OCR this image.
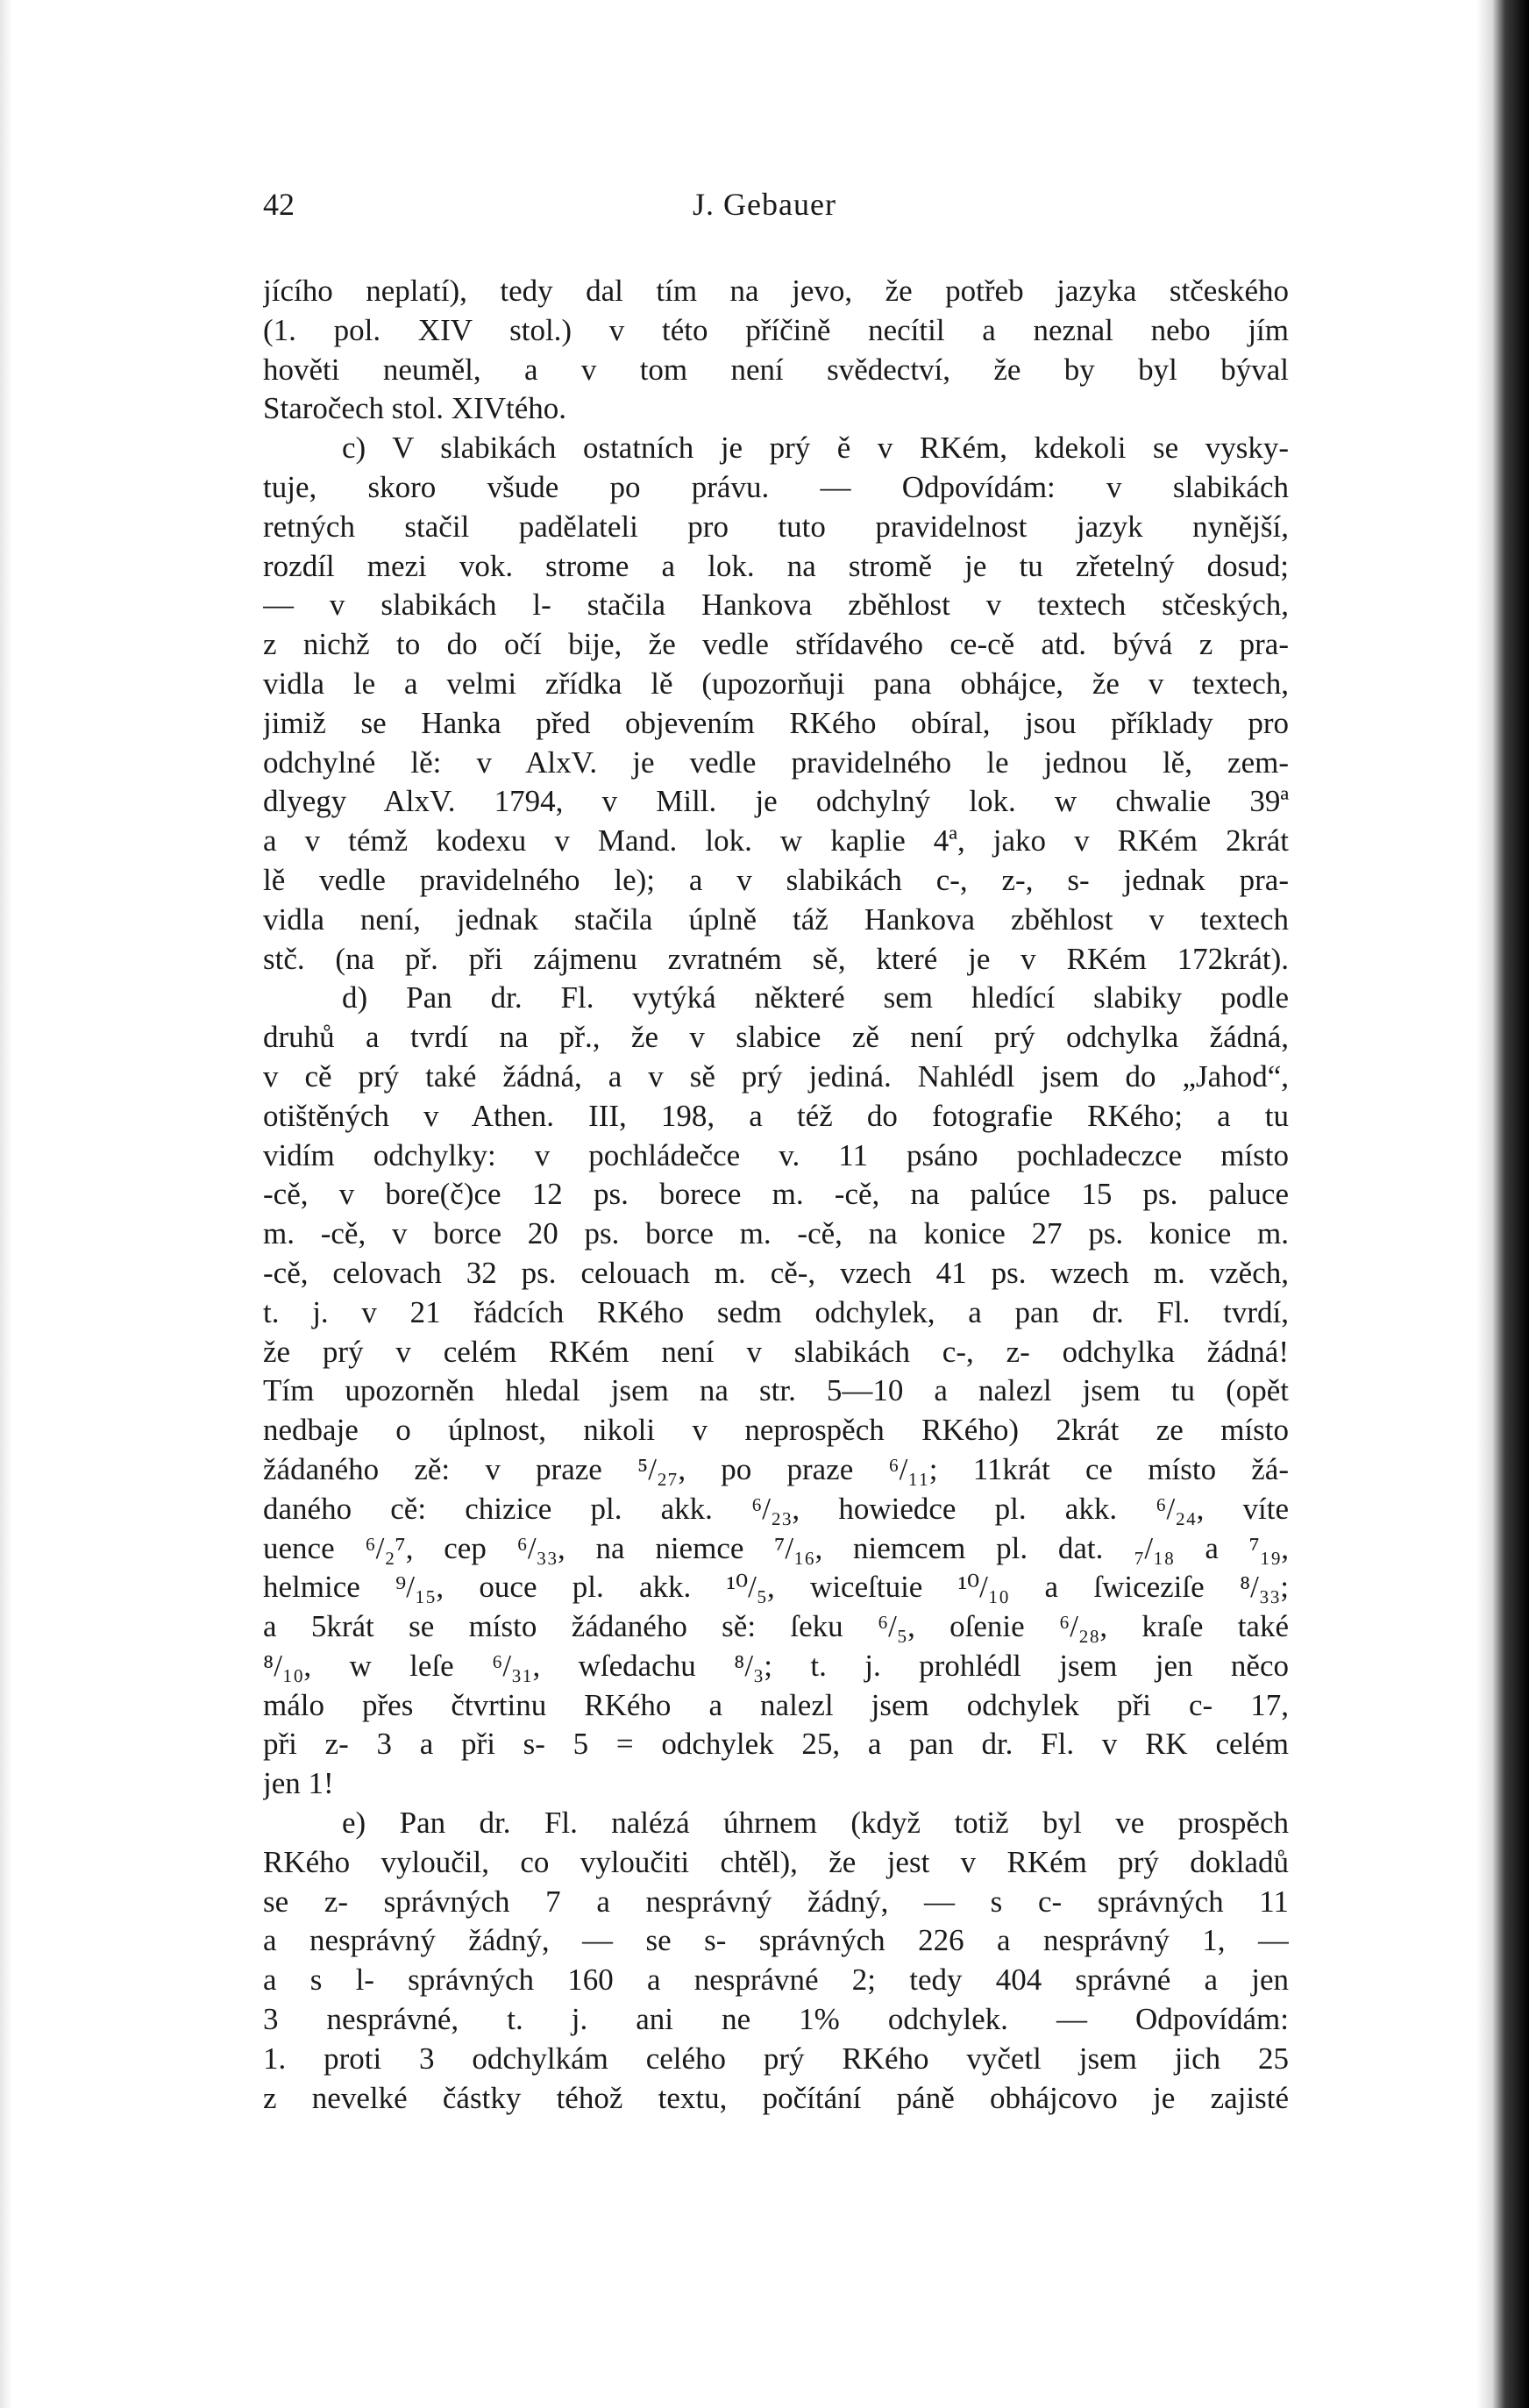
42	J. Gebauer
jícího neplatí), tedy dal tím na jevo, že potřeb jazyka stčeského
(1. pol. XIV stol.) v této příčině necítil a neznal nebo jím
hověti neuměl, a v tom není svědectví, že by byl býval
Staročech stol. XIVtého.
c) V slabikách ostatních je prý ě v RKém, kdekoli se vysky-
tuje, skoro všude po právu. — Odpovídám: v slabikách
retných stačil padělateli pro tuto pravidelnost jazyk nynější,
rozdíl mezi vok. strome a lok. na stromě je tu zřetelný dosud;
— v slabikách l- stačila Hankova zběhlost v textech stčeských,
z nichž to do očí bije, že vedle střídavého ce-cě atd. bývá z pra-
vidla le a velmi zřídka lě (upozorňuji pana obhájce, že v textech,
jimiž se Hanka před objevením RKého obíral, jsou příklady pro
odchylné lě: v AlxV. je vedle pravidelného le jednou lě, zem-
dlyegy AlxV. 1794, v Mill. je odchylný lok. w chwalie 39ª
a v témž kodexu v Mand. lok. w kaplie 4ª, jako v RKém 2krát
lě vedle pravidelného le); a v slabikách c-, z-, s- jednak pra-
vidla není, jednak stačila úplně táž Hankova zběhlost v textech
stč. (na př. při zájmenu zvratném sě, které je v RKém 172krát).
d) Pan dr. Fl. vytýká některé sem hledící slabiky podle
druhů a tvrdí na př., že v slabice zě není prý odchylka žádná,
v cě prý také žádná, a v sě prý jediná. Nahlédl jsem do „Jahod“,
otištěných v Athen. III, 198, a též do fotografie RKého; a tu
vidím odchylky: v pochládečce v. 11 psáno pochladeczce místo
-cě, v bore(č)ce 12 ps. borece m. -cě, na palúce 15 ps. paluce
m. -cě, v borce 20 ps. borce m. -cě, na konice 27 ps. konice m.
-cě, celovach 32 ps. celouach m. cě-, vzech 41 ps. wzech m. vzěch,
t. j. v 21 řádcích RKého sedm odchylek, a pan dr. Fl. tvrdí,
že prý v celém RKém není v slabikách c-, z- odchylka žádná!
Tím upozorněn hledal jsem na str. 5—10 a nalezl jsem tu (opět
nedbaje o úplnost, nikoli v neprospěch RKého) 2krát ze místo
žádaného zě: v praze ⁵/₂₇, po praze ⁶/₁₁; 11krát ce místo žá-
daného cě: chizice pl. akk. ⁶/₂₃, howiedce pl. akk. ⁶/₂₄, víte
uence ⁶/₂⁷, cep ⁶/₃₃, na niemce ⁷/₁₆, niemcem pl. dat. ₇/₁₈ a ⁷₁₉,
helmice ⁹/₁₅, ouce pl. akk. ¹⁰/₅, wiceſtuie ¹⁰/₁₀ a ſwiceziſe ⁸/₃₃;
a 5krát se místo žádaného sě: ſeku ⁶/₅, oſenie ⁶/₂₈, kraſe také
⁸/₁₀, w leſe ⁶/₃₁, wſedachu ⁸/₃; t. j. prohlédl jsem jen něco
málo přes čtvrtinu RKého a nalezl jsem odchylek při c- 17,
při z- 3 a při s- 5 = odchylek 25, a pan dr. Fl. v RK celém
jen 1!
e) Pan dr. Fl. nalézá úhrnem (když totiž byl ve prospěch
RKého vyloučil, co vyloučiti chtěl), že jest v RKém prý dokladů
se z- správných 7 a nesprávný žádný, — s c- správných 11
a nesprávný žádný, — se s- správných 226 a nesprávný 1, —
a s l- správných 160 a nesprávné 2; tedy 404 správné a jen
3 nesprávné, t. j. ani ne 1% odchylek. — Odpovídám:
1. proti 3 odchylkám celého prý RKého vyčetl jsem jich 25
z nevelké částky téhož textu, počítání páně obhájcovo je zajisté
